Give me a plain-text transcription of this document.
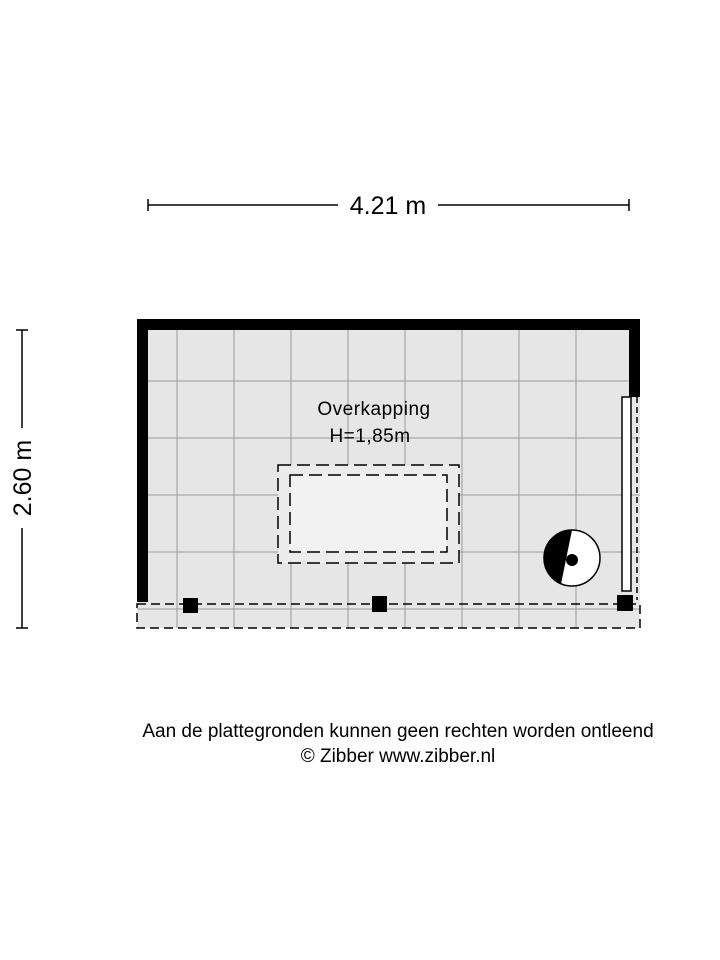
4.21 m
2.60 m
Overkapping
H=1,85m
Aan de plattegronden kunnen geen rechten worden ontleend
© Zibber www.zibber.nl
